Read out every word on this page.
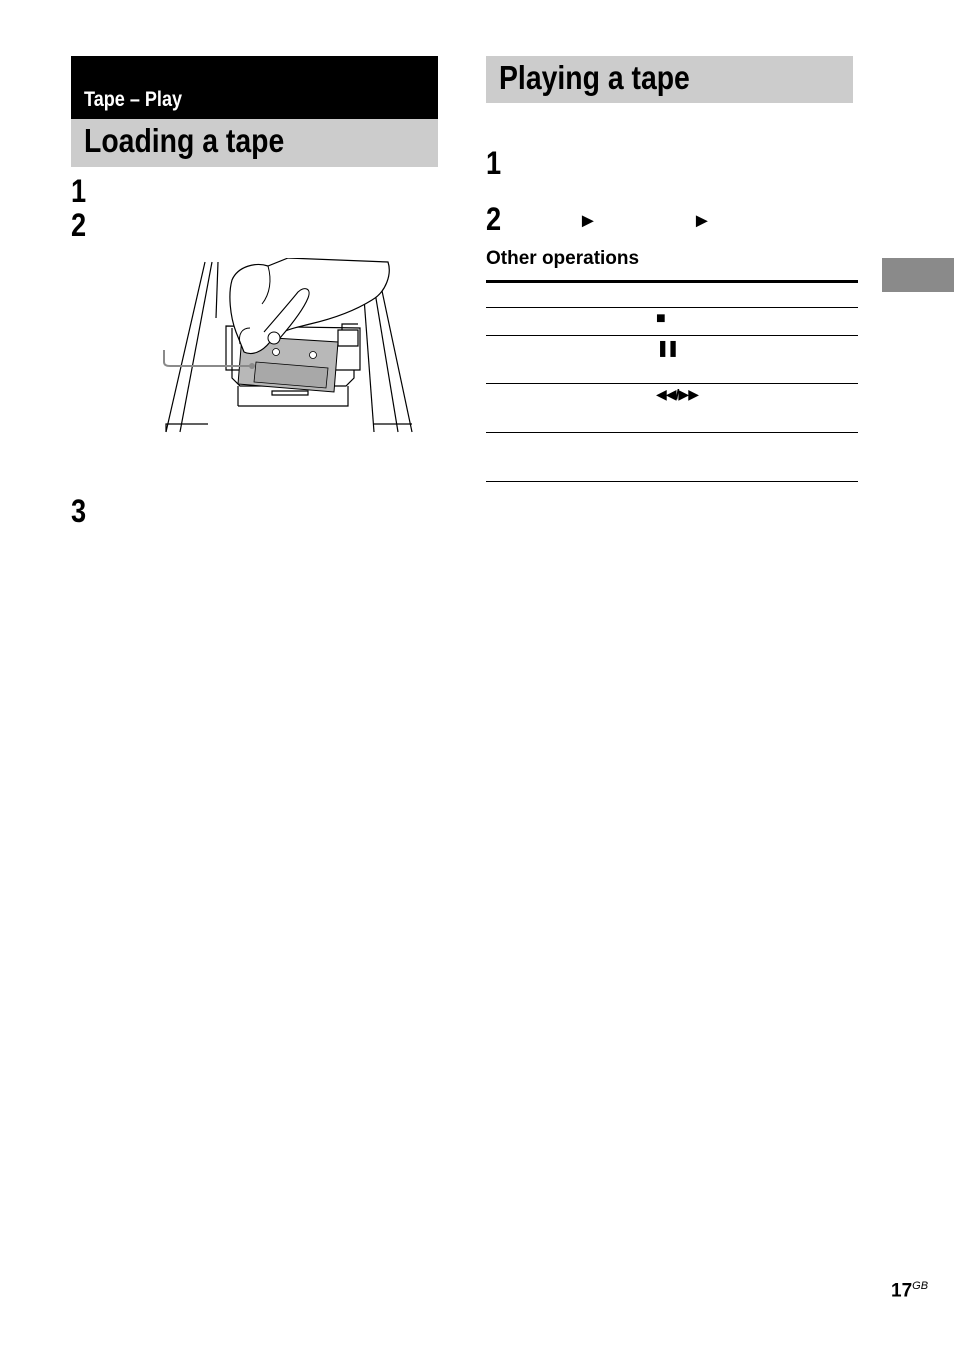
Tape – Play
Loading a tape
1
2
3
Playing a tape
1
2	►	►
Other operations
■
❚❚
◀◀/▶▶
$17^{GB}$
